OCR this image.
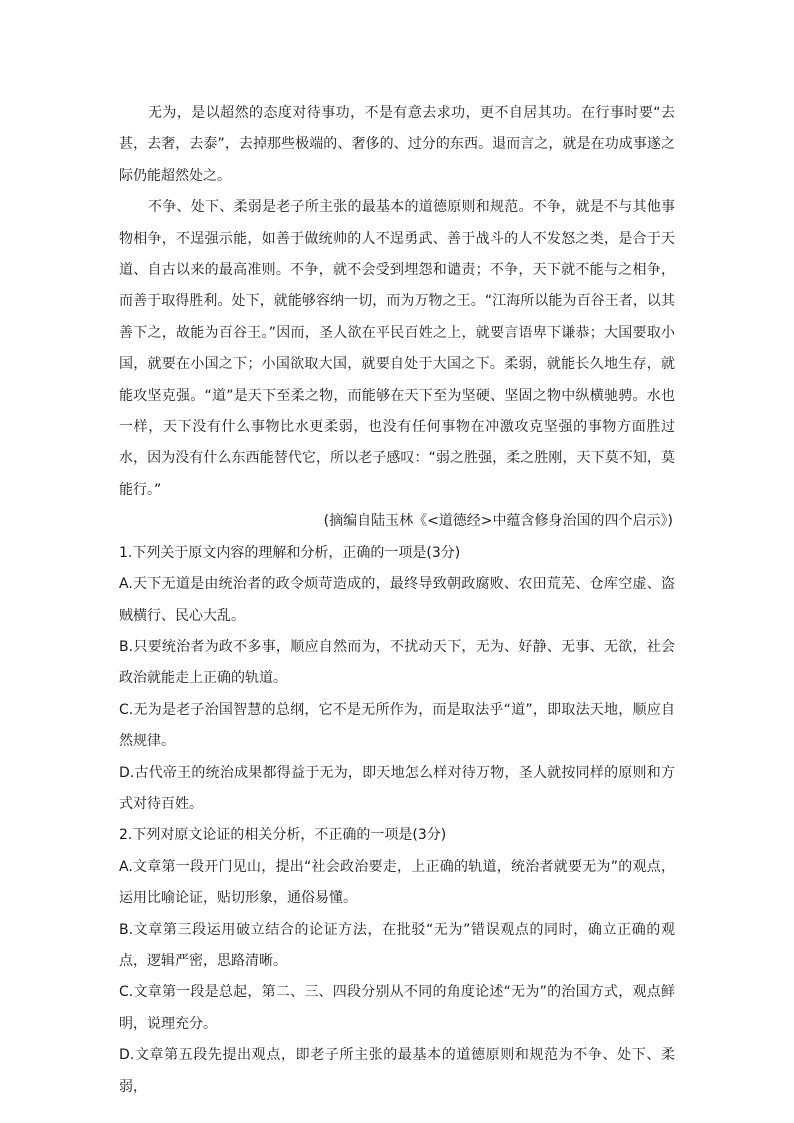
无为，是以超然的态度对待事功，不是有意去求功，更不自居其功。在行事时要“去甚，去奢，去泰”，去掉那些极端的、奢侈的、过分的东西。退而言之，就是在功成事遂之际仍能超然处之。

不争、处下、柔弱是老子所主张的最基本的道德原则和规范。不争，就是不与其他事物相争，不逞强示能，如善于做统帅的人不逞勇武、善于战斗的人不发怒之类，是合于天道、自古以来的最高准则。不争，就不会受到埋怨和谴责；不争，天下就不能与之相争，而善于取得胜利。处下，就能够容纳一切，而为万物之王。“江海所以能为百谷王者，以其善下之，故能为百谷王。”因而，圣人欲在平民百姓之上，就要言语卑下谦恭；大国要取小国，就要在小国之下；小国欲取大国，就要自处于大国之下。柔弱，就能长久地生存，就能攻坚克强。“道”是天下至柔之物，而能够在天下至为坚硬、坚固之物中纵横驰骋。水也一样，天下没有什么事物比水更柔弱，也没有任何事物在冲激攻克坚强的事物方面胜过水，因为没有什么东西能替代它，所以老子感叹：“弱之胜强，柔之胜刚，天下莫不知，莫能行。”

(摘编自陆玉林《<道德经>中蕴含修身治国的四个启示》)

1.下列关于原文内容的理解和分析，正确的一项是(3分)

A.天下无道是由统治者的政令烦苛造成的，最终导致朝政腐败、农田荒芜、仓库空虚、盗贼横行、民心大乱。

B.只要统治者为政不多事，顺应自然而为，不扰动天下，无为、好静、无事、无欲，社会政治就能走上正确的轨道。

C.无为是老子治国智慧的总纲，它不是无所作为，而是取法乎“道”，即取法天地，顺应自然规律。

D.古代帝王的统治成果都得益于无为，即天地怎么样对待万物，圣人就按同样的原则和方式对待百姓。

2.下列对原文论证的相关分析，不正确的一项是(3分)

A.文章第一段开门见山，提出“社会政治要走，上正确的轨道，统治者就要无为”的观点，运用比喻论证，贴切形象，通俗易懂。

B.文章第三段运用破立结合的论证方法，在批驳“无为”错误观点的同时，确立正确的观点，逻辑严密，思路清晰。

C.文章第一段是总起，第二、三、四段分别从不同的角度论述“无为”的治国方式，观点鲜明，说理充分。

D.文章第五段先提出观点，即老子所主张的最基本的道德原则和规范为不争、处下、柔弱，
